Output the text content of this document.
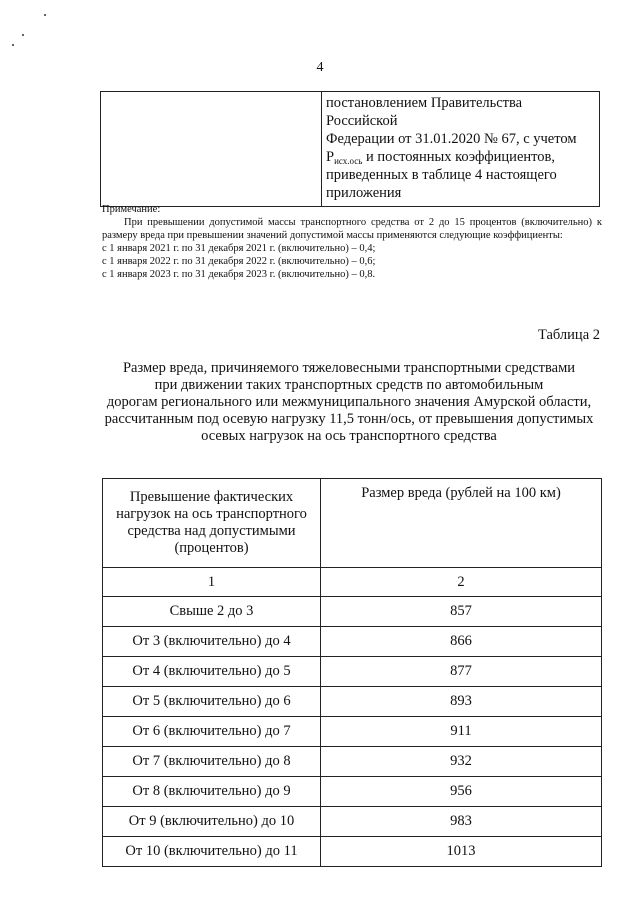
4

постановлением Правительства Российской
Федерации от 31.01.2020 № 67, с учетом
$Р_{исх.ось}$ и постоянных коэффициентов,
приведенных в таблице 4 настоящего
приложения

Примечание:

При превышении допустимой массы транспортного средства от 2 до 15 процентов (включительно) к размеру вреда при превышении значений допустимой массы применяются следующие коэффициенты:

с 1 января 2021 г. по 31 декабря 2021 г. (включительно) – 0,4;

с 1 января 2022 г. по 31 декабря 2022 г. (включительно) – 0,6;

с 1 января 2023 г. по 31 декабря 2023 г. (включительно) – 0,8.

Таблица 2
Размер вреда, причиняемого тяжеловесными транспортными средствами
при движении таких транспортных средств по автомобильным
дорогам регионального или межмуниципального значения Амурской области,
рассчитанным под осевую нагрузку 11,5 тонн/ось, от превышения допустимых
осевых нагрузок на ось транспортного средства
Превышение фактических
нагрузок на ось транспортного
средства над допустимыми
(процентов)	Размер вреда (рублей на 100 км)
1	2
Свыше 2 до 3	857
От 3 (включительно) до 4	866
От 4 (включительно) до 5	877
От 5 (включительно) до 6	893
От 6 (включительно) до 7	911
От 7 (включительно) до 8	932
От 8 (включительно) до 9	956
От 9 (включительно) до 10	983
От 10 (включительно) до 11	1013
